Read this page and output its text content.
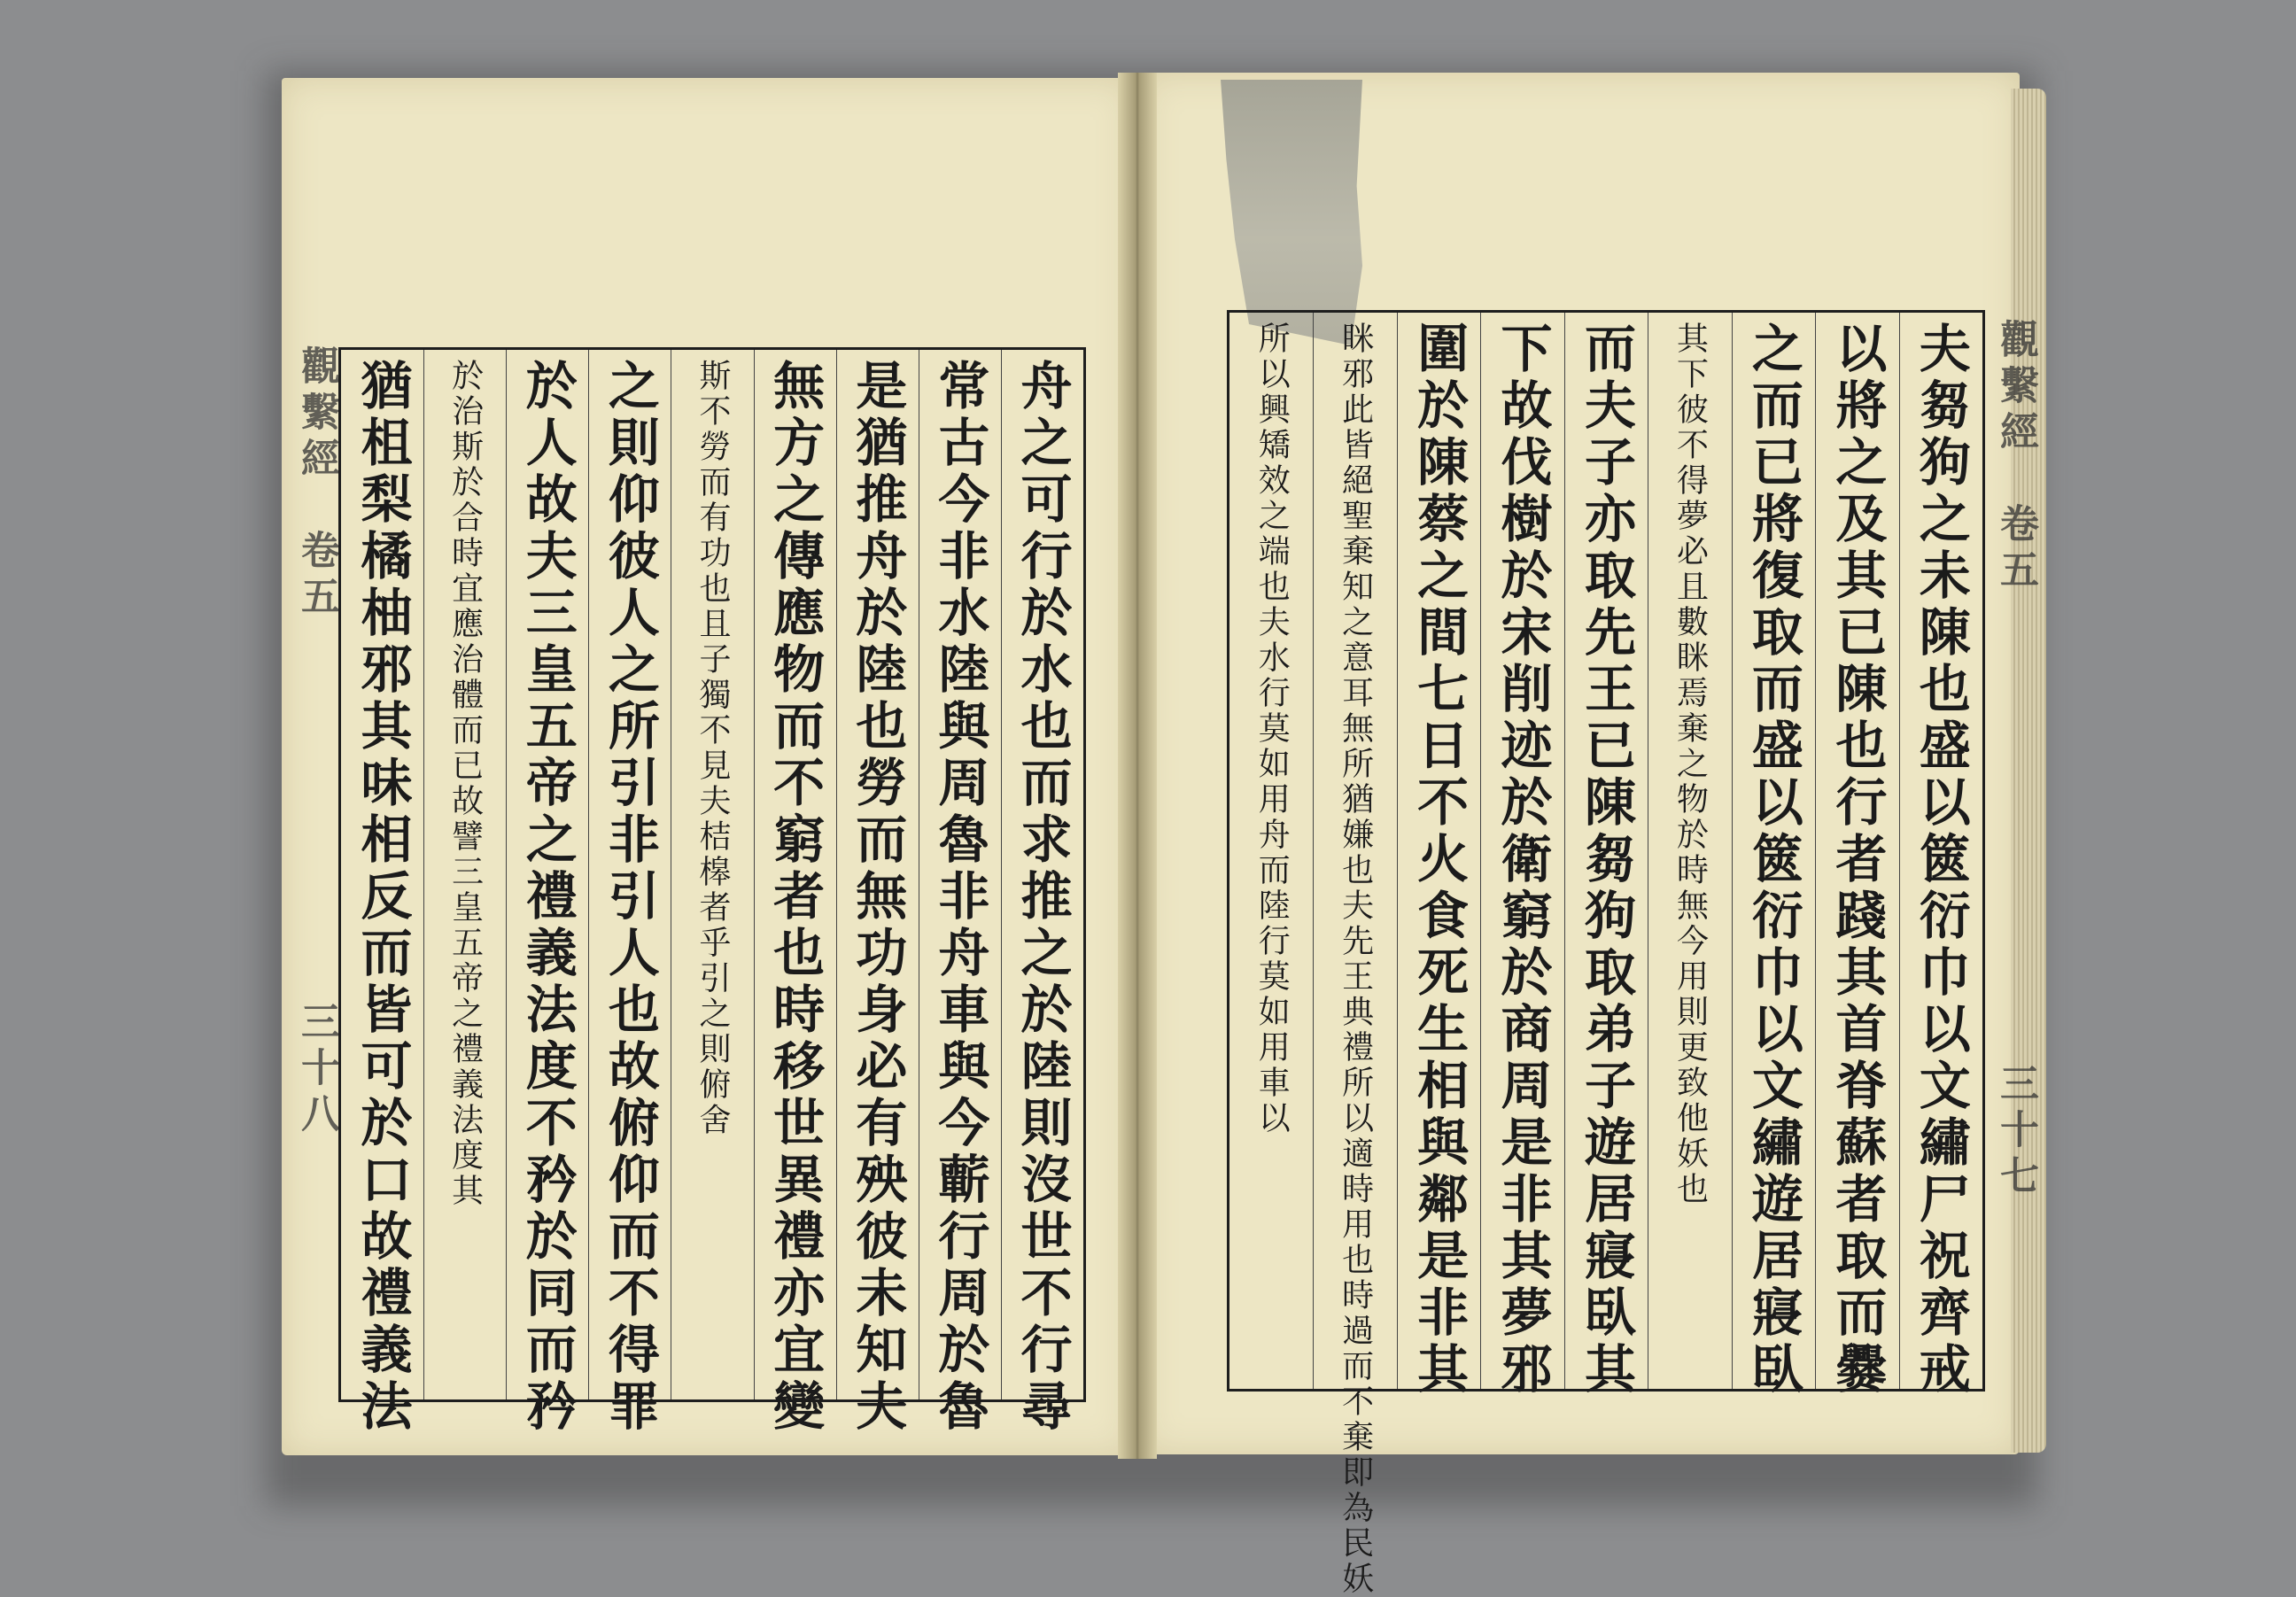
觀繫經　卷五
三十八
觀繫經　卷五
三十七
舟之可行於水也而求推之於陸則沒世不行尋
常古今非水陸與周魯非舟車與今蘄行周於魯
是猶推舟於陸也勞而無功身必有殃彼未知夫
無方之傳應物而不窮者也時移世異禮亦宜變
斯不勞而有功也且子獨不見夫桔槔者乎引之則俯舍
之則仰彼人之所引非引人也故俯仰而不得罪
於人故夫三皇五帝之禮義法度不矜於同而矜
於治斯於合時宜應治體而已故譬三皇五帝之禮義法度其
猶柤梨橘柚邪其味相反而皆可於口故禮義法	夫芻狗之未陳也盛以篋衍巾以文繡尸祝齊戒
以將之及其已陳也行者踐其首脊蘇者取而爨
之而已將復取而盛以篋衍巾以文繡遊居寢臥
其下彼不得夢必且數眯焉棄之物於時無今用則更致他妖也
而夫子亦取先王已陳芻狗取弟子遊居寢臥其
下故伐樹於宋削迹於衛窮於商周是非其夢邪
圍於陳蔡之間七日不火食死生相與鄰是非其
眯邪此皆絕聖棄知之意耳無所猶嫌也夫先王典禮所以適時用也時過而不棄即為民妖
所以興矯效之端也夫水行莫如用舟而陸行莫如用車以
